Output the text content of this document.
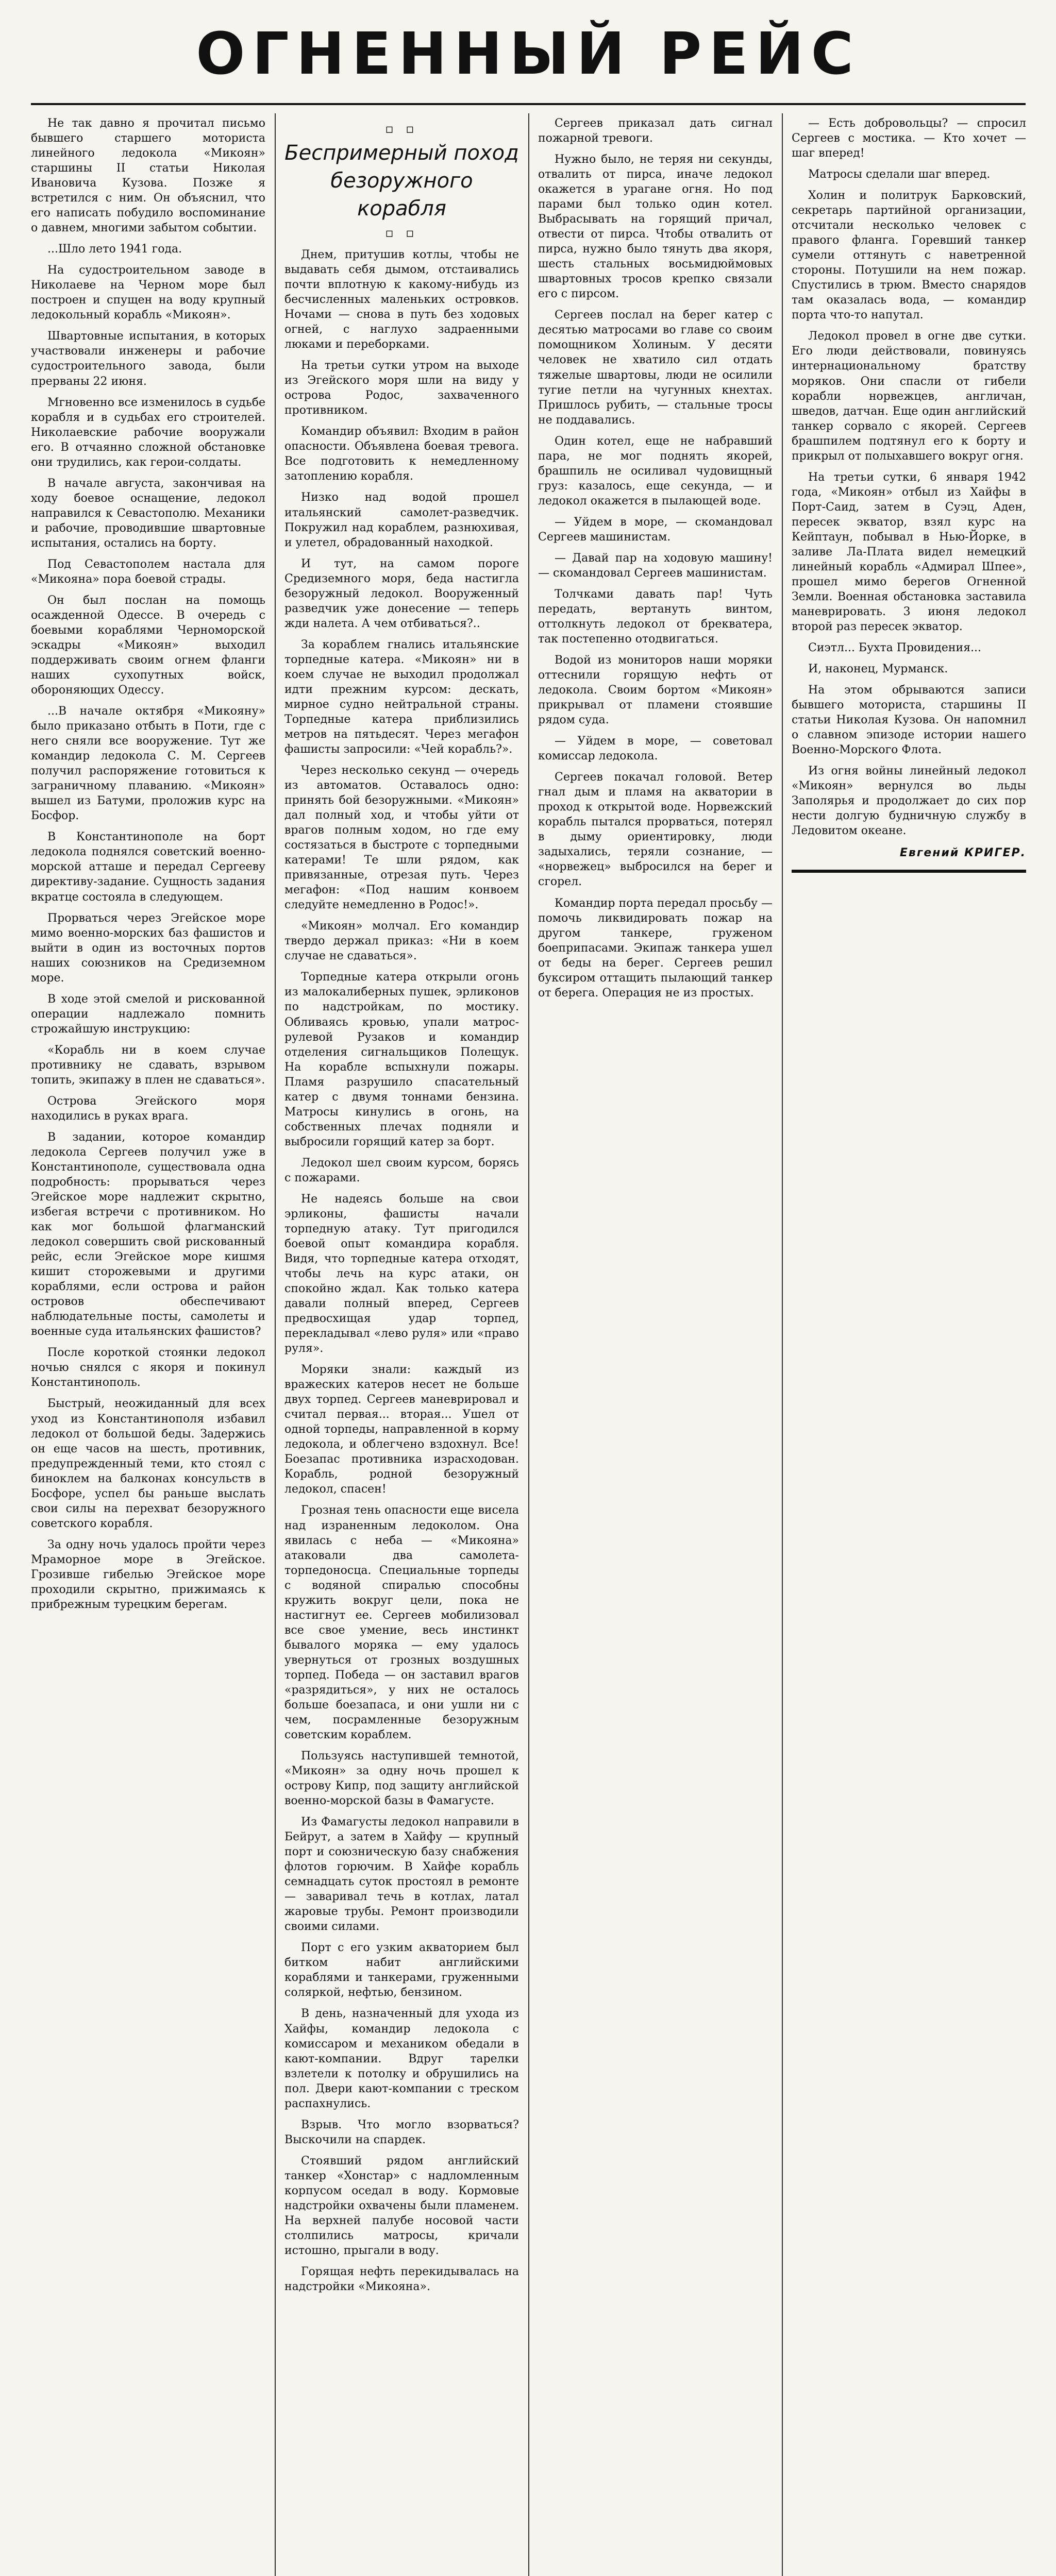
ОГНЕННЫЙ РЕЙС

Не так давно я прочитал письмо бывшего старшего моториста линейного ледокола «Микоян» старшины II статьи Николая Ивановича Кузова. Позже я встретился с ним. Он объяснил, что его написать побудило воспоминание о давнем, многими забытом событии.

...Шло лето 1941 года.

На судостроительном заводе в Николаеве на Черном море был построен и спущен на воду крупный ледокольный корабль «Микоян».

Швартовные испытания, в которых участвовали инженеры и рабочие судостроительного завода, были прерваны 22 июня.

Мгновенно все изменилось в судьбе корабля и в судьбах его строителей. Николаевские рабочие вооружали его. В отчаянно сложной обстановке они трудились, как герои-солдаты.

В начале августа, закончивая на ходу боевое оснащение, ледокол направился к Севастополю. Механики и рабочие, проводившие швартовные испытания, остались на борту.

Под Севастополем настала для «Микояна» пора боевой страды.

Он был послан на помощь осажденной Одессе. В очередь с боевыми кораблями Черноморской эскадры «Микоян» выходил поддерживать своим огнем фланги наших сухопутных войск, обороняющих Одессу.

...В начале октября «Микояну» было приказано отбыть в Поти, где с него сняли все вооружение. Тут же командир ледокола С. М. Сергеев получил распоряжение готовиться к заграничному плаванию. «Микоян» вышел из Батуми, проложив курс на Босфор.

В Константинополе на борт ледокола поднялся советский военно-морской атташе и передал Сергееву директиву-задание. Сущность задания вкратце состояла в следующем.

Прорваться через Эгейское море мимо военно-морских баз фашистов и выйти в один из восточных портов наших союзников на Средиземном море.

В ходе этой смелой и рискованной операции надлежало помнить строжайшую инструкцию:

«Корабль ни в коем случае противнику не сдавать, взрывом топить, экипажу в плен не сдаваться».

Острова Эгейского моря находились в руках врага.

В задании, которое командир ледокола Сергеев получил уже в Константинополе, существовала одна подробность: прорываться через Эгейское море надлежит скрытно, избегая встречи с противником. Но как мог большой флагманский ледокол совершить свой рискованный рейс, если Эгейское море кишмя кишит сторожевыми и другими кораблями, если острова и район островов обеспечивают наблюдательные посты, самолеты и военные суда итальянских фашистов?

После короткой стоянки ледокол ночью снялся с якоря и покинул Константинополь.

Быстрый, неожиданный для всех уход из Константинополя избавил ледокол от большой беды. Задержись он еще часов на шесть, противник, предупрежденный теми, кто стоял с биноклем на балконах консульств в Босфоре, успел бы раньше выслать свои силы на перехват безоружного советского корабля.

За одну ночь удалось пройти через Мраморное море в Эгейское. Грозивше гибелью Эгейское море проходили скрытно, прижимаясь к прибрежным турецким берегам.

▫ ▫
Беспримерный поход
безоружного корабля
▫ ▫

Днем, притушив котлы, чтобы не выдавать себя дымом, отстаивались почти вплотную к какому-нибудь из бесчисленных маленьких островков. Ночами — снова в путь без ходовых огней, с наглухо задраенными люками и переборками.

На третьи сутки утром на выходе из Эгейского моря шли на виду у острова Родос, захваченного противником.

Командир объявил: Входим в район опасности. Объявлена боевая тревога. Все подготовить к немедленному затоплению корабля.

Низко над водой прошел итальянский самолет-разведчик. Покружил над кораблем, разнюхивая, и улетел, обрадованный находкой.

И тут, на самом пороге Средиземного моря, беда настигла безоружный ледокол. Вооруженный разведчик уже донесение — теперь жди налета. А чем отбиваться?..

За кораблем гнались итальянские торпедные катера. «Микоян» ни в коем случае не выходил продолжал идти прежним курсом: дескать, мирное судно нейтральной страны. Торпедные катера приблизились метров на пятьдесят. Через мегафон фашисты запросили: «Чей корабль?».

Через несколько секунд — очередь из автоматов. Оставалось одно: принять бой безоружными. «Микоян» дал полный ход, и чтобы уйти от врагов полным ходом, но где ему состязаться в быстроте с торпедными катерами! Те шли рядом, как привязанные, отрезая путь. Через мегафон: «Под нашим конвоем следуйте немедленно в Родос!».

«Микоян» молчал. Его командир твердо держал приказ: «Ни в коем случае не сдаваться».

Торпедные катера открыли огонь из малокалиберных пушек, эрликонов по надстройкам, по мостику. Обливаясь кровью, упали матрос-рулевой Рузаков и командир отделения сигнальщиков Полещук. На корабле вспыхнули пожары. Пламя разрушило спасательный катер с двумя тоннами бензина. Матросы кинулись в огонь, на собственных плечах подняли и выбросили горящий катер за борт.

Ледокол шел своим курсом, борясь с пожарами.

Не надеясь больше на свои эрликоны, фашисты начали торпедную атаку. Тут пригодился боевой опыт командира корабля. Видя, что торпедные катера отходят, чтобы лечь на курс атаки, он спокойно ждал. Как только катера давали полный вперед, Сергеев предвосхищая удар торпед, перекладывал «лево руля» или «право руля».

Моряки знали: каждый из вражеских катеров несет не больше двух торпед. Сергеев маневрировал и считал первая... вторая... Ушел от одной торпеды, направленной в корму ледокола, и облегчено вздохнул. Все! Боезапас противника израсходован. Корабль, родной безоружный ледокол, спасен!

Грозная тень опасности еще висела над израненным ледоколом. Она явилась с неба — «Микояна» атаковали два самолета-торпедоносца. Специальные торпеды с водяной спиралью способны кружить вокруг цели, пока не настигнут ее. Сергеев мобилизовал все свое умение, весь инстинкт бывалого моряка — ему удалось увернуться от грозных воздушных торпед. Победа — он заставил врагов «разрядиться», у них не осталось больше боезапаса, и они ушли ни с чем, посрамленные безоружным советским кораблем.

Пользуясь наступившей темнотой, «Микоян» за одну ночь прошел к острову Кипр, под защиту английской военно-морской базы в Фамагусте.

Из Фамагусты ледокол направили в Бейрут, а затем в Хайфу — крупный порт и союзническую базу снабжения флотов горючим. В Хайфе корабль семнадцать суток простоял в ремонте — заваривал течь в котлах, латал жаровые трубы. Ремонт производили своими силами.

Порт с его узким акваторием был битком набит английскими кораблями и танкерами, груженными соляркой, нефтью, бензином.

В день, назначенный для ухода из Хайфы, командир ледокола с комиссаром и механиком обедали в кают-компании. Вдруг тарелки взлетели к потолку и обрушились на пол. Двери кают-компании с треском распахнулись.

Взрыв. Что могло взорваться? Выскочили на спардек.

Стоявший рядом английский танкер «Хонстар» с надломленным корпусом оседал в воду. Кормовые надстройки охвачены были пламенем. На верхней палубе носовой части столпились матросы, кричали истошно, прыгали в воду.

Горящая нефть перекидывалась на надстройки «Микояна».

Сергеев приказал дать сигнал пожарной тревоги.

Нужно было, не теряя ни секунды, отвалить от пирса, иначе ледокол окажется в ураганe огня. Но под парами был только один котел. Выбрасывать на горящий причал, отвести от пирса. Чтобы отвалить от пирса, нужно было тянуть два якоря, шесть стальных восьмидюймовых швартовных тросов крепко связали его с пирсом.

Сергеев послал на берег катер с десятью матросами во главе со своим помощником Холиным. У десяти человек не хватило сил отдать тяжелые швартовы, люди не осилили тугие петли на чугунных кнехтах. Пришлось рубить, — стальные тросы не поддавались.

Один котел, еще не набравший пара, не мог поднять якорей, брашпиль не осиливал чудовищный груз: казалось, еще секунда, — и ледокол окажется в пылающей воде.

— Уйдем в море, — скомандовал Сергеев машинистам.

— Давай пар на ходовую машину! — скомандовал Сергеев машинистам.

Толчками давать пар! Чуть передать, вертануть винтом, оттолкнуть ледокол от брекватера, так постепенно отодвигаться.

Водой из мониторов наши моряки оттеснили горящую нефть от ледокола. Своим бортом «Микоян» прикрывал от пламени стоявшие рядом суда.

— Уйдем в море, — советовал комиссар ледокола.

Сергеев покачал головой. Ветер гнал дым и пламя на акватории в проход к открытой воде. Норвежский корабль пытался прорваться, потерял в дыму ориентировку, люди задыхались, теряли сознание, — «норвежец» выбросился на берег и сгорел.

Командир порта передал просьбу — помочь ликвидировать пожар на другом танкере, груженом боеприпасами. Экипаж танкера ушел от беды на берег. Сергеев решил буксиром оттащить пылающий танкер от берега. Операция не из простых.

— Есть добровольцы? — спросил Сергеев с мостика. — Кто хочет — шаг вперед!

Матросы сделали шаг вперед.

Холин и политрук Барковский, секретарь партийной организации, отсчитали несколько человек с правого фланга. Горевший танкер сумели оттянуть с наветренной стороны. Потушили на нем пожар. Спустились в трюм. Вместо снарядов там оказалась вода, — командир порта что-то напутал.

Ледокол провел в огне две сутки. Его люди действовали, повинуясь интернациональному братству моряков. Они спасли от гибели корабли норвежцев, англичан, шведов, датчан. Еще один английский танкер сорвало с якорей. Сергеев брашпилем подтянул его к борту и прикрыл от полыхавшего вокруг огня.

На третьи сутки, 6 января 1942 года, «Микоян» отбыл из Хайфы в Порт-Саид, затем в Суэц, Аден, пересек экватор, взял курс на Кейптаун, побывал в Нью-Йорке, в заливе Ла-Плата видел немецкий линейный корабль «Адмирал Шпее», прошел мимо берегов Огненной Земли. Военная обстановка заставила маневрировать. 3 июня ледокол второй раз пересек экватор.

Сиэтл... Бухта Провидения...

И, наконец, Мурманск.

На этом обрываются записи бывшего моториста, старшины II статьи Николая Кузова. Он напомнил о славном эпизоде истории нашего Военно-Морского Флота.

Из огня войны линейный ледокол «Микоян» вернулся во льды Заполярья и продолжает до сих пор нести долгую будничную службу в Ледовитом океане.

Евгений КРИГЕР.
